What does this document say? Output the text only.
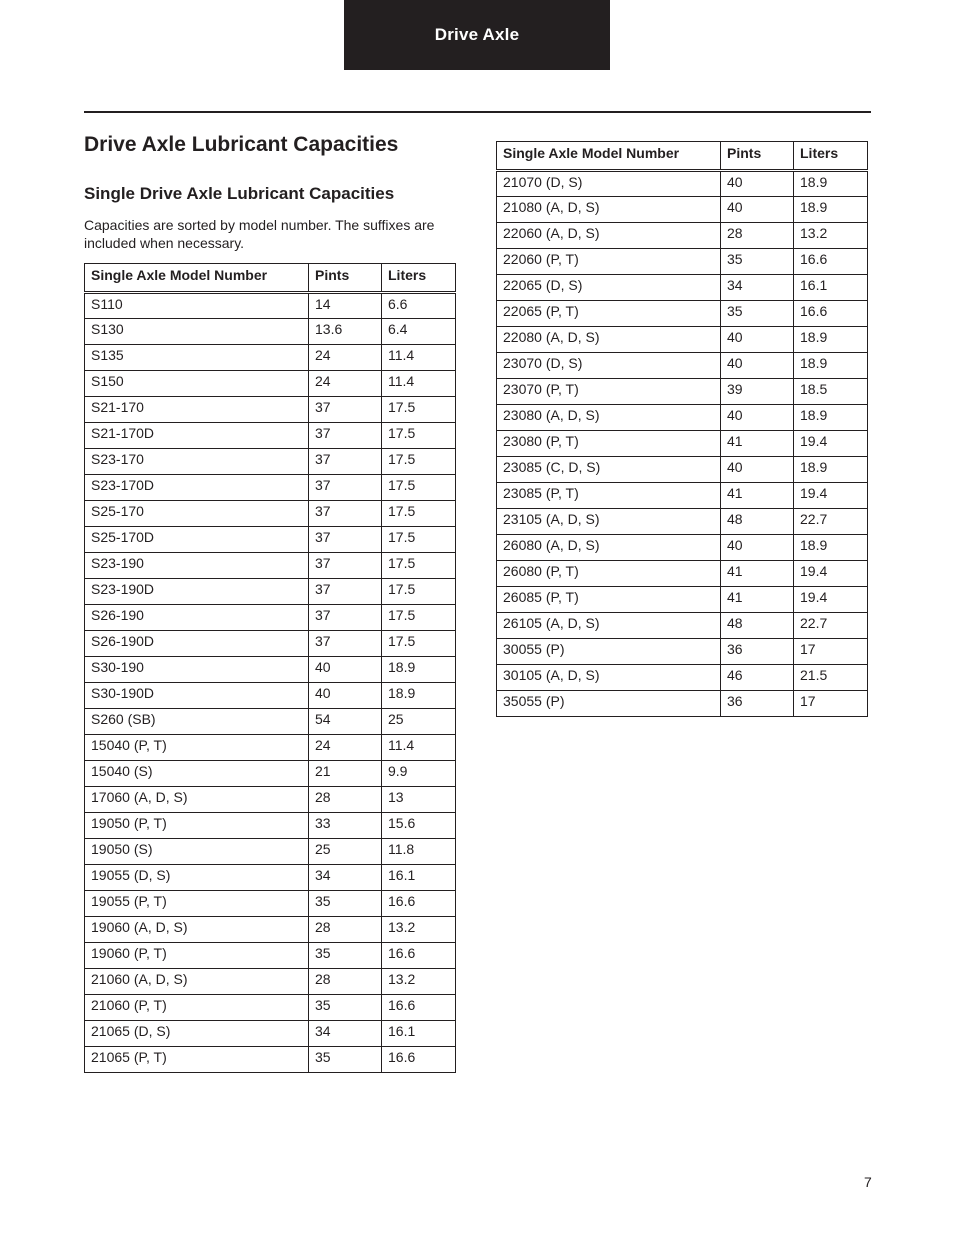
Drive Axle
Drive Axle Lubricant Capacities
Single Drive Axle Lubricant Capacities

Capacities are sorted by model number. The suffixes are included when necessary.

Single Axle Model Number	Pints	Liters
S110	14	6.6
S130	13.6	6.4
S135	24	11.4
S150	24	11.4
S21-170	37	17.5
S21-170D	37	17.5
S23-170	37	17.5
S23-170D	37	17.5
S25-170	37	17.5
S25-170D	37	17.5
S23-190	37	17.5
S23-190D	37	17.5
S26-190	37	17.5
S26-190D	37	17.5
S30-190	40	18.9
S30-190D	40	18.9
S260 (SB)	54	25
15040 (P, T)	24	11.4
15040 (S)	21	9.9
17060 (A, D, S)	28	13
19050 (P, T)	33	15.6
19050 (S)	25	11.8
19055 (D, S)	34	16.1
19055 (P, T)	35	16.6
19060 (A, D, S)	28	13.2
19060 (P, T)	35	16.6
21060 (A, D, S)	28	13.2
21060 (P, T)	35	16.6
21065 (D, S)	34	16.1
21065 (P, T)	35	16.6
Single Axle Model Number	Pints	Liters
21070 (D, S)	40	18.9
21080 (A, D, S)	40	18.9
22060 (A, D, S)	28	13.2
22060 (P, T)	35	16.6
22065 (D, S)	34	16.1
22065 (P, T)	35	16.6
22080 (A, D, S)	40	18.9
23070 (D, S)	40	18.9
23070 (P, T)	39	18.5
23080 (A, D, S)	40	18.9
23080 (P, T)	41	19.4
23085 (C, D, S)	40	18.9
23085 (P, T)	41	19.4
23105 (A, D, S)	48	22.7
26080 (A, D, S)	40	18.9
26080 (P, T)	41	19.4
26085 (P, T)	41	19.4
26105 (A, D, S)	48	22.7
30055 (P)	36	17
30105 (A, D, S)	46	21.5
35055 (P)	36	17
7
